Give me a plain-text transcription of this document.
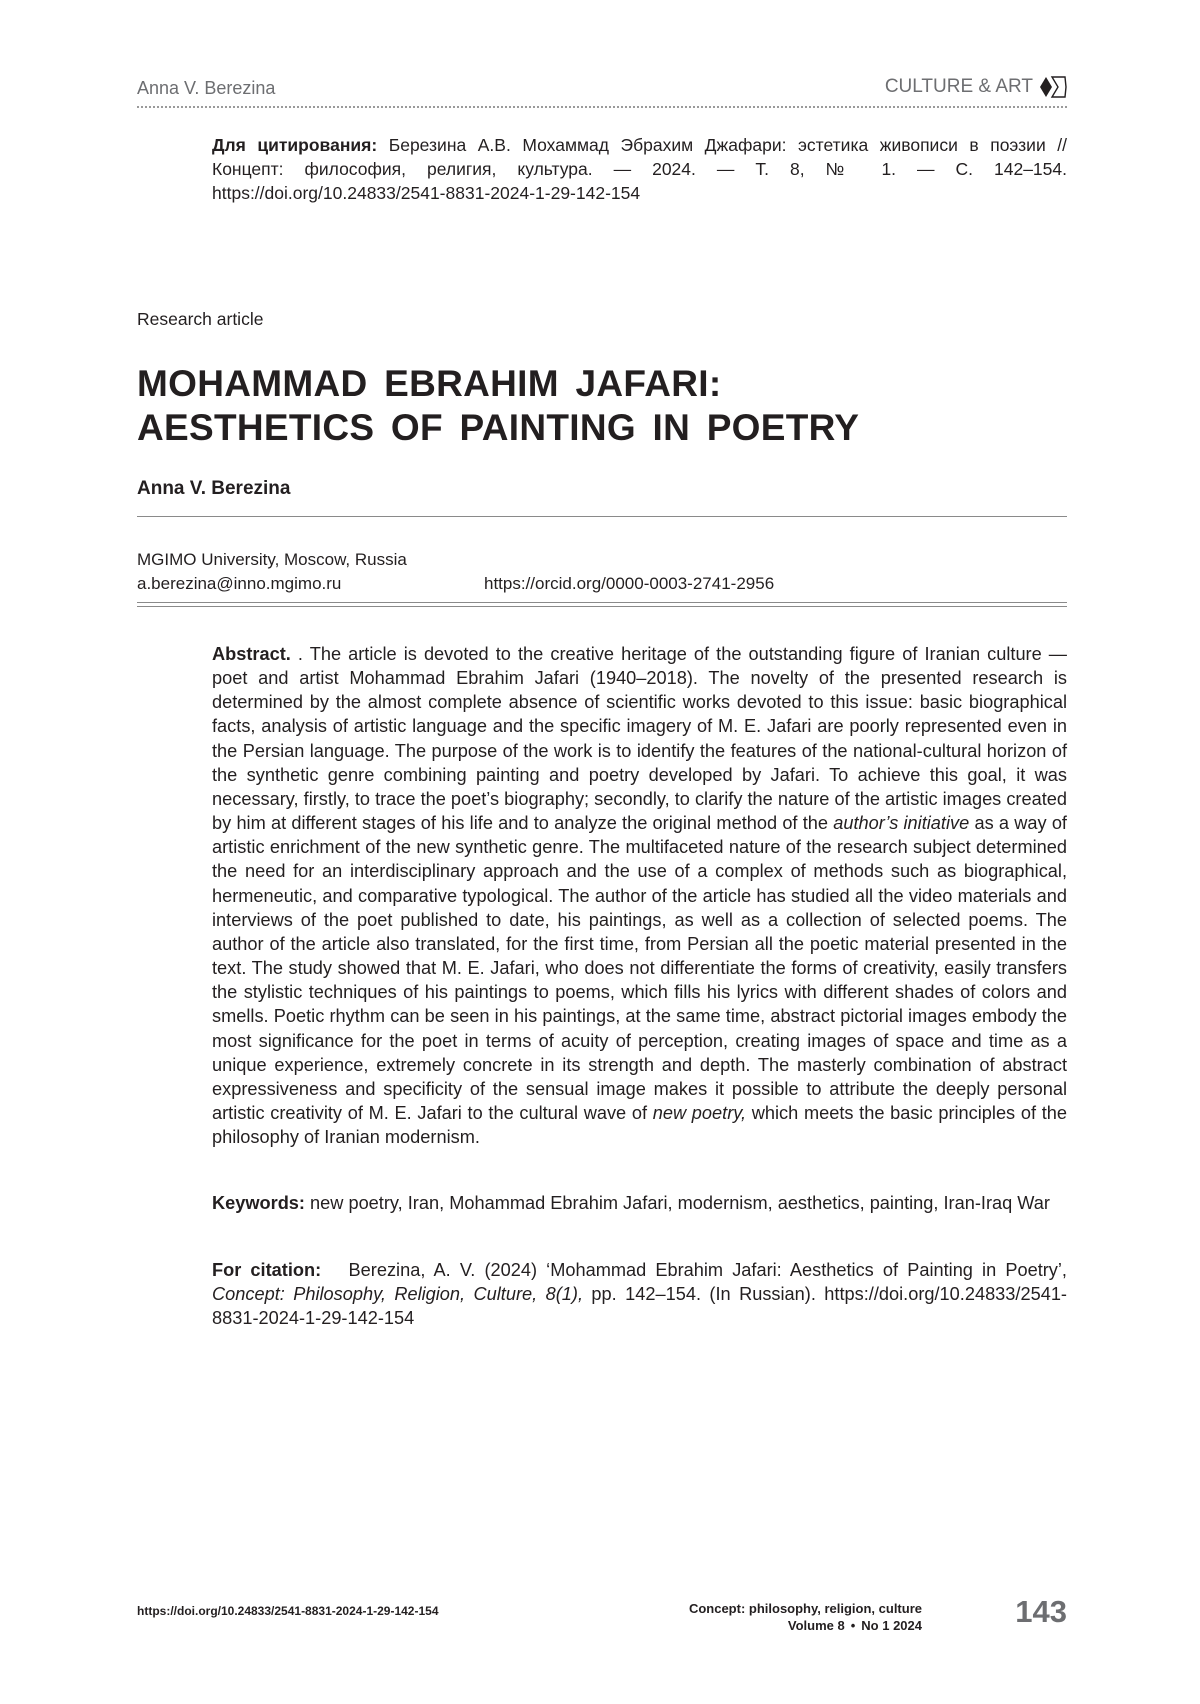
Anna V. Berezina	CULTURE & ART

Для цитирования: Березина А.В. Мохаммад Эбрахим Джафари: эстетика живописи в поэзии // Концепт: философия, религия, культура. — 2024. — Т. 8, № 1. — С. 142–154. https://doi.org/10.24833/2541-8831-2024-1-29-142-154

Research article
MOHAMMAD EBRAHIM JAFARI:
AESTHETICS OF PAINTING IN POETRY
Anna V. Berezina
MGIMO University, Moscow, Russia
a.berezina@inno.mgimo.ru	https://orcid.org/0000-0003-2741-2956

Abstract. . The article is devoted to the creative heritage of the outstanding figure of Iranian culture — poet and artist Mohammad Ebrahim Jafari (1940–2018). The novelty of the presented research is determined by the almost complete absence of scientific works devoted to this issue: basic biographical facts, analysis of artistic language and the specific imagery of M. E. Jafari are poorly represented even in the Persian language. The purpose of the work is to identify the features of the national-cultural horizon of the synthetic genre combining painting and poetry developed by Jafari. To achieve this goal, it was necessary, firstly, to trace the poet’s biography; secondly, to clarify the nature of the artistic images created by him at different stages of his life and to analyze the original method of the author’s initiative as a way of artistic enrichment of the new synthetic genre. The multifaceted nature of the research subject determined the need for an interdisciplinary approach and the use of a complex of methods such as biographical, hermeneutic, and comparative typological. The author of the article has studied all the video materials and interviews of the poet published to date, his paintings, as well as a collection of selected poems. The author of the article also translated, for the first time, from Persian all the poetic material presented in the text. The study showed that M. E. Jafari, who does not differentiate the forms of creativity, easily transfers the stylistic techniques of his paintings to poems, which fills his lyrics with different shades of colors and smells. Poetic rhythm can be seen in his paintings, at the same time, abstract pictorial images embody the most significance for the poet in terms of acuity of perception, creating images of space and time as a unique experience, extremely concrete in its strength and depth. The masterly combination of abstract expressiveness and specificity of the sensual image makes it possible to attribute the deeply personal artistic creativity of M. E. Jafari to the cultural wave of new poetry, which meets the basic principles of the philosophy of Iranian modernism.

Keywords: new poetry, Iran, Mohammad Ebrahim Jafari, modernism, aesthetics, painting, Iran-Iraq War

For citation:   Berezina, A. V. (2024) ‘Mohammad Ebrahim Jafari: Aesthetics of Painting in Poetry’, Concept: Philosophy, Religion, Culture, 8(1), pp. 142–154. (In Russian). https://doi.org/10.24833/2541-8831-2024-1-29-142-154

https://doi.org/10.24833/2541-8831-2024-1-29-142-154	Concept: philosophy, religion, culture
Volume 8 • No 1 2024	143
